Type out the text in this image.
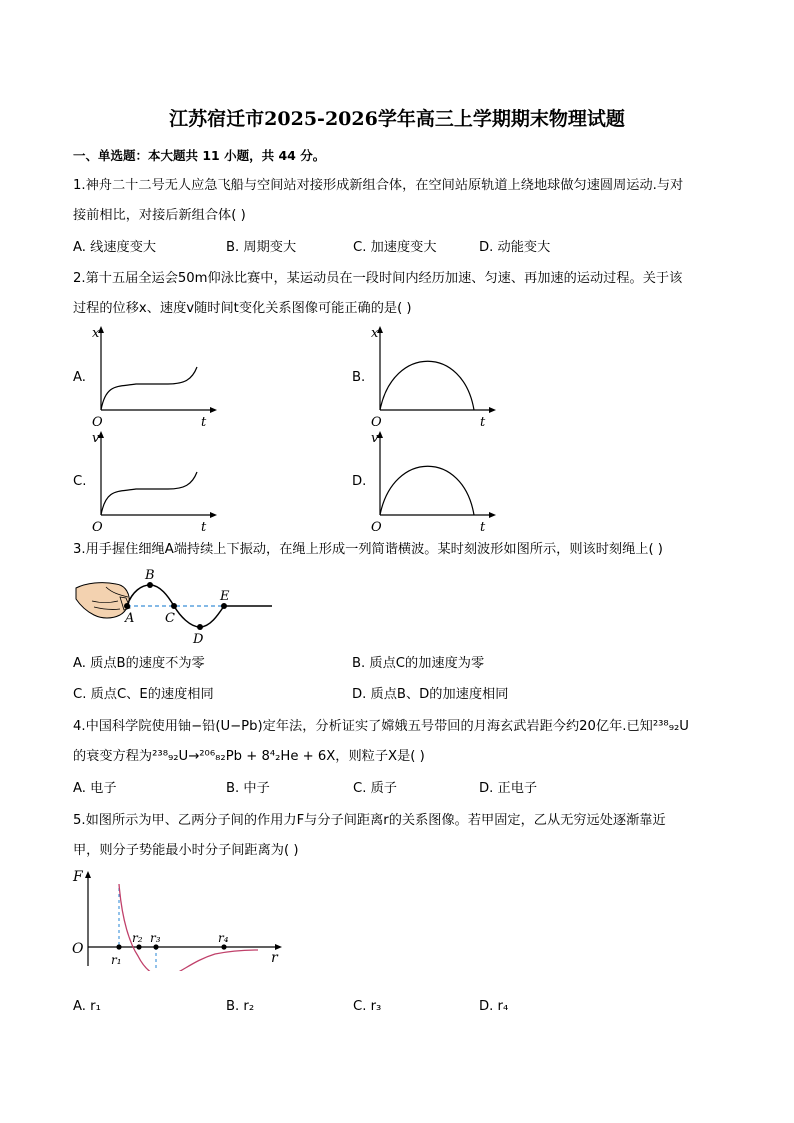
江苏宿迁市2025-2026学年高三上学期期末物理试题
一、单选题：本大题共 11 小题，共 44 分。
1.神舟二十二号无人应急飞船与空间站对接形成新组合体，在空间站原轨道上绕地球做匀速圆周运动.与对
接前相比，对接后新组合体( )
A. 线速度变大	B. 周期变大	C. 加速度变大	D. 动能变大
2.第十五届全运会50m仰泳比赛中，某运动员在一段时间内经历加速、匀速、再加速的运动过程。关于该
过程的位移x、速度v随时间t变化关系图像可能正确的是( )
A.	B.
C.	D.
x
O	t
x
O	t
v
O	t
v
O	t
3.用手握住细绳A端持续上下振动，在绳上形成一列简谐横波。某时刻波形如图所示，则该时刻绳上( )
A
B
C
D
E
A. 质点B的速度不为零	B. 质点C的加速度为零
C. 质点C、E的速度相同	D. 质点B、D的加速度相同
4.中国科学院使用铀−铅(U−Pb)定年法，分析证实了嫦娥五号带回的月海玄武岩距今约20亿年.已知²³⁸₉₂U
的衰变方程为²³⁸₉₂U→²⁰⁶₈₂Pb + 8⁴₂He + 6X，则粒子X是( )
A. 电子	B. 中子	C. 质子	D. 正电子
5.如图所示为甲、乙两分子间的作用力F与分子间距离r的关系图像。若甲固定，乙从无穷远处逐渐靠近
甲，则分子势能最小时分子间距离为( )
F
O
r
r₁
r₂ r₃	r₄
A. r₁	B. r₂	C. r₃	D. r₄
